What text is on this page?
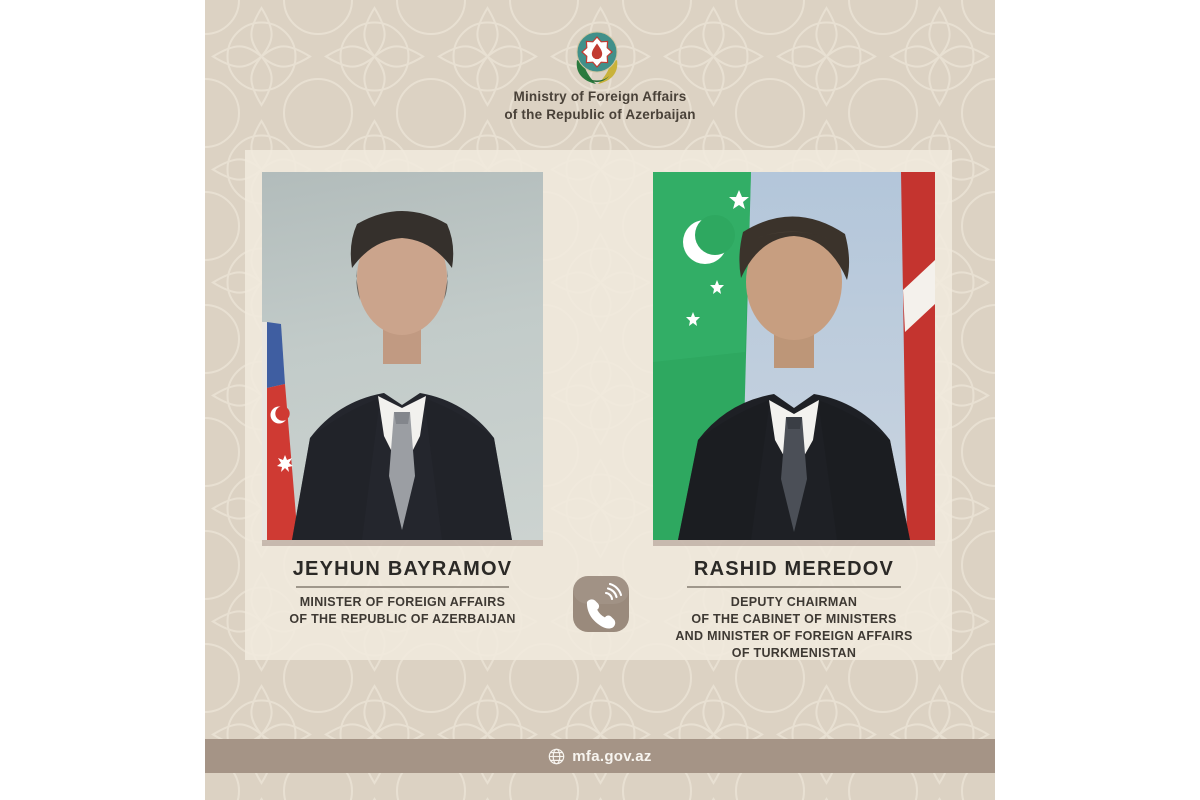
Ministry of Foreign Affairs
of the Republic of Azerbaijan
JEYHUN BAYRAMOV
MINISTER OF FOREIGN AFFAIRS
OF THE REPUBLIC OF AZERBAIJAN
RASHID MEREDOV
DEPUTY CHAIRMAN
OF THE CABINET OF MINISTERS
AND MINISTER OF FOREIGN AFFAIRS
OF TURKMENISTAN
mfa.gov.az
